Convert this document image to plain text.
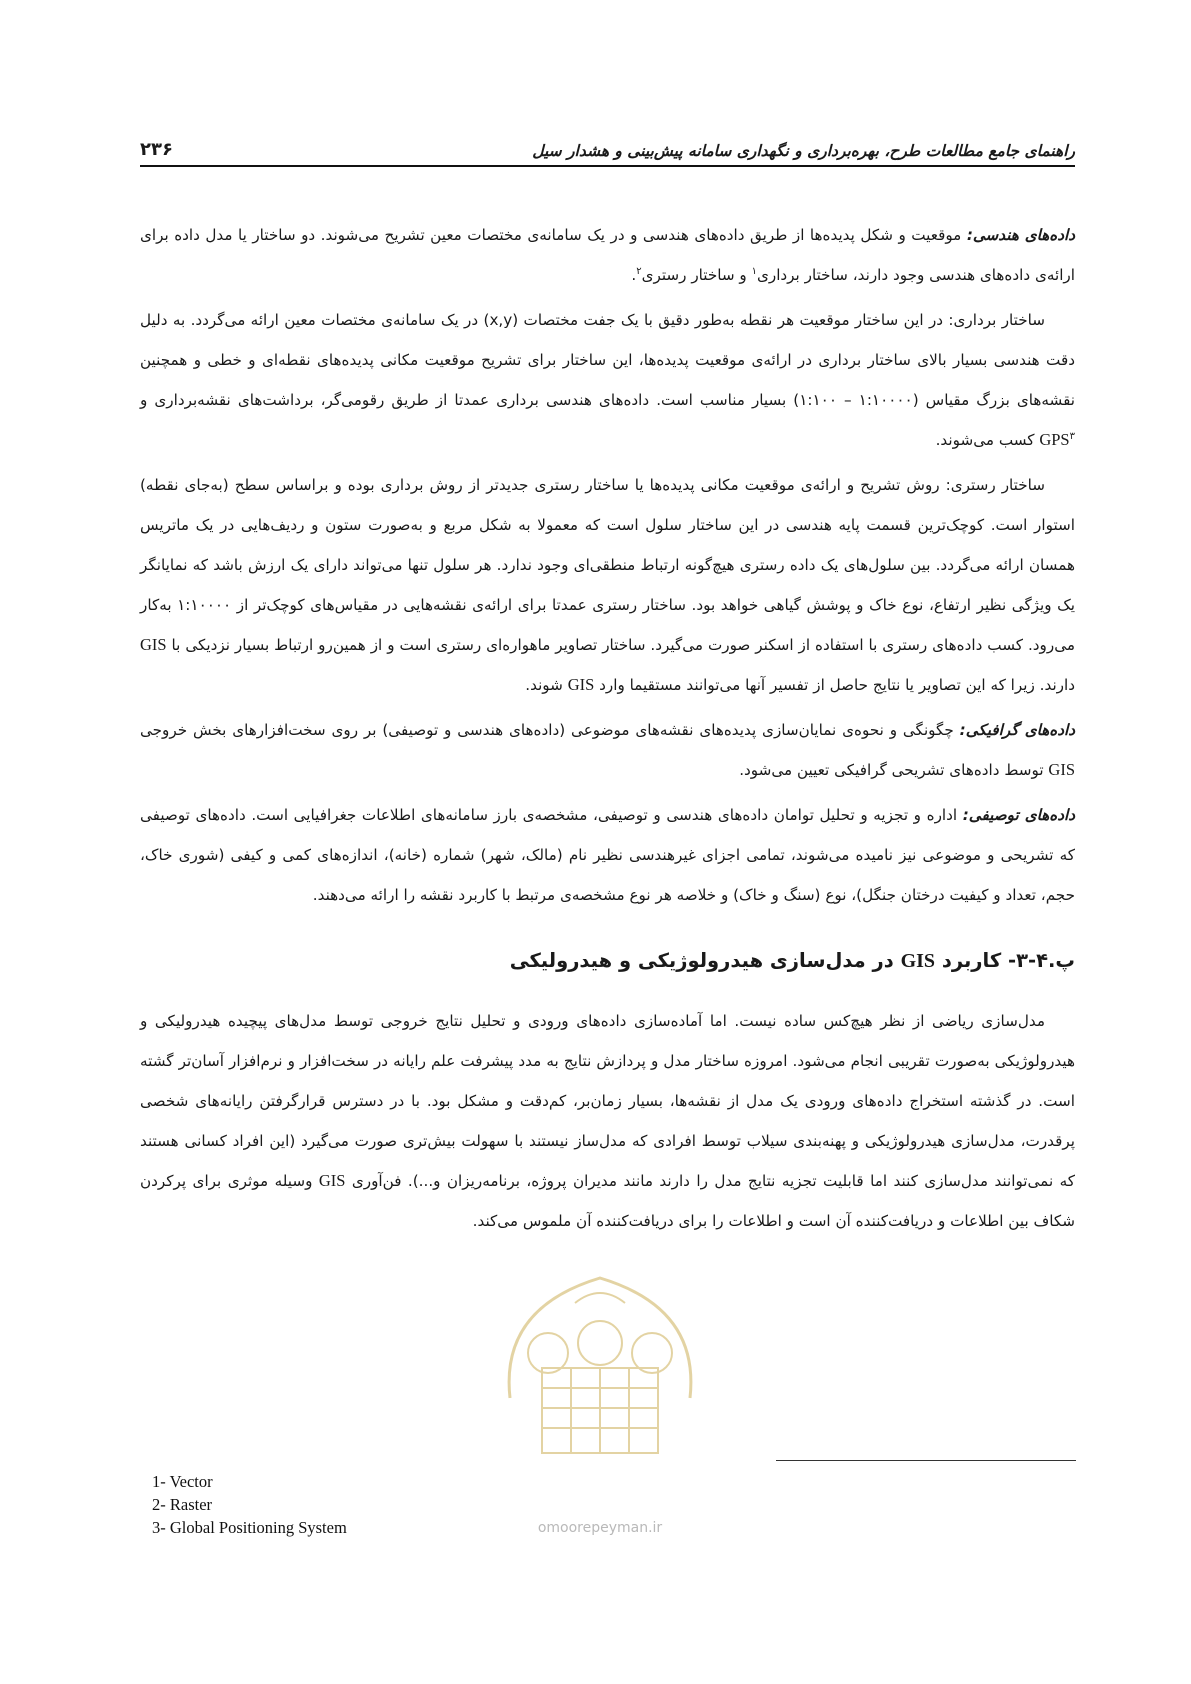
راهنمای جامع مطالعات طرح، بهره‌برداری و نگهداری سامانه پیش‌بینی و هشدار سیل
۲۳۶

داده‌های هندسی: موقعیت و شکل پدیده‌ها از طریق داده‌های هندسی و در یک سامانه‌ی مختصات معین تشریح می‌شوند. دو ساختار یا مدل داده برای ارائه‌ی داده‌های هندسی وجود دارند، ساختار برداری$^۱$ و ساختار رستری$^۲$.

ساختار برداری: در این ساختار موقعیت هر نقطه به‌طور دقیق با یک جفت مختصات (x,y) در یک سامانه‌ی مختصات معین ارائه می‌گردد. به دلیل دقت هندسی بسیار بالای ساختار برداری در ارائه‌ی موقعیت پدیده‌ها، این ساختار برای تشریح موقعیت مکانی پدیده‌های نقطه‌ای و خطی و همچنین نقشه‌های بزرگ مقیاس (۱:۱۰۰۰۰ – ۱:۱۰۰) بسیار مناسب است. داده‌های هندسی برداری عمدتا از طریق رقومی‌گر، برداشت‌های نقشه‌برداری و GPS$^۳$ کسب می‌شوند.

ساختار رستری: روش تشریح و ارائه‌ی موقعیت مکانی پدیده‌ها یا ساختار رستری جدیدتر از روش برداری بوده و براساس سطح (به‌جای نقطه) استوار است. کوچک‌ترین قسمت پایه هندسی در این ساختار سلول است که معمولا به شکل مربع و به‌صورت ستون و ردیف‌هایی در یک ماتریس همسان ارائه می‌گردد. بین سلول‌های یک داده رستری هیچ‌گونه ارتباط منطقی‌ای وجود ندارد. هر سلول تنها می‌تواند دارای یک ارزش باشد که نمایانگر یک ویژگی نظیر ارتفاع، نوع خاک و پوشش گیاهی خواهد بود. ساختار رستری عمدتا برای ارائه‌ی نقشه‌هایی در مقیاس‌های کوچک‌تر از ۱:۱۰۰۰۰ به‌کار می‌رود. کسب داده‌های رستری با استفاده از اسکنر صورت می‌گیرد. ساختار تصاویر ماهواره‌ای رستری است و از همین‌رو ارتباط بسیار نزدیکی با GIS دارند. زیرا که این تصاویر یا نتایج حاصل از تفسیر آنها می‌توانند مستقیما وارد GIS شوند.

داده‌های گرافیکی: چگونگی و نحوه‌ی نمایان‌سازی پدیده‌های نقشه‌های موضوعی (داده‌های هندسی و توصیفی) بر روی سخت‌افزارهای بخش خروجی GIS توسط داده‌های تشریحی گرافیکی تعیین می‌شود.

داده‌های توصیفی: اداره و تجزیه و تحلیل توامان داده‌های هندسی و توصیفی، مشخصه‌ی بارز سامانه‌های اطلاعات جغرافیایی است. داده‌های توصیفی که تشریحی و موضوعی نیز نامیده می‌شوند، تمامی اجزای غیرهندسی نظیر نام (مالک، شهر) شماره (خانه)، اندازه‌های کمی و کیفی (شوری خاک، حجم، تعداد و کیفیت درختان جنگل)، نوع (سنگ و خاک) و خلاصه هر نوع مشخصه‌ی مرتبط با کاربرد نقشه را ارائه می‌دهند.

پ.۴-۳- کاربرد GIS در مدل‌سازی هیدرولوژیکی و هیدرولیکی

مدل‌سازی ریاضی از نظر هیچ‌کس ساده نیست. اما آماده‌سازی داده‌های ورودی و تحلیل نتایج خروجی توسط مدل‌های پیچیده هیدرولیکی و هیدرولوژیکی به‌صورت تقریبی انجام می‌شود. امروزه ساختار مدل و پردازش نتایج به مدد پیشرفت علم رایانه در سخت‌افزار و نرم‌افزار آسان‌تر گشته است. در گذشته استخراج داده‌های ورودی یک مدل از نقشه‌ها، بسیار زمان‌بر، کم‌دقت و مشکل بود. با در دسترس قرارگرفتن رایانه‌های شخصی پرقدرت، مدل‌سازی هیدرولوژیکی و پهنه‌بندی سیلاب توسط افرادی که مدل‌ساز نیستند با سهولت بیش‌تری صورت می‌گیرد (این افراد کسانی هستند که نمی‌توانند مدل‌سازی کنند اما قابلیت تجزیه نتایج مدل را دارند مانند مدیران پروژه، برنامه‌ریزان و...). فن‌آوری GIS وسیله موثری برای پرکردن شکاف بین اطلاعات و دریافت‌کننده آن است و اطلاعات را برای دریافت‌کننده آن ملموس می‌کند.

omoorepeyman.ir
1- Vector
2- Raster
3- Global Positioning System
